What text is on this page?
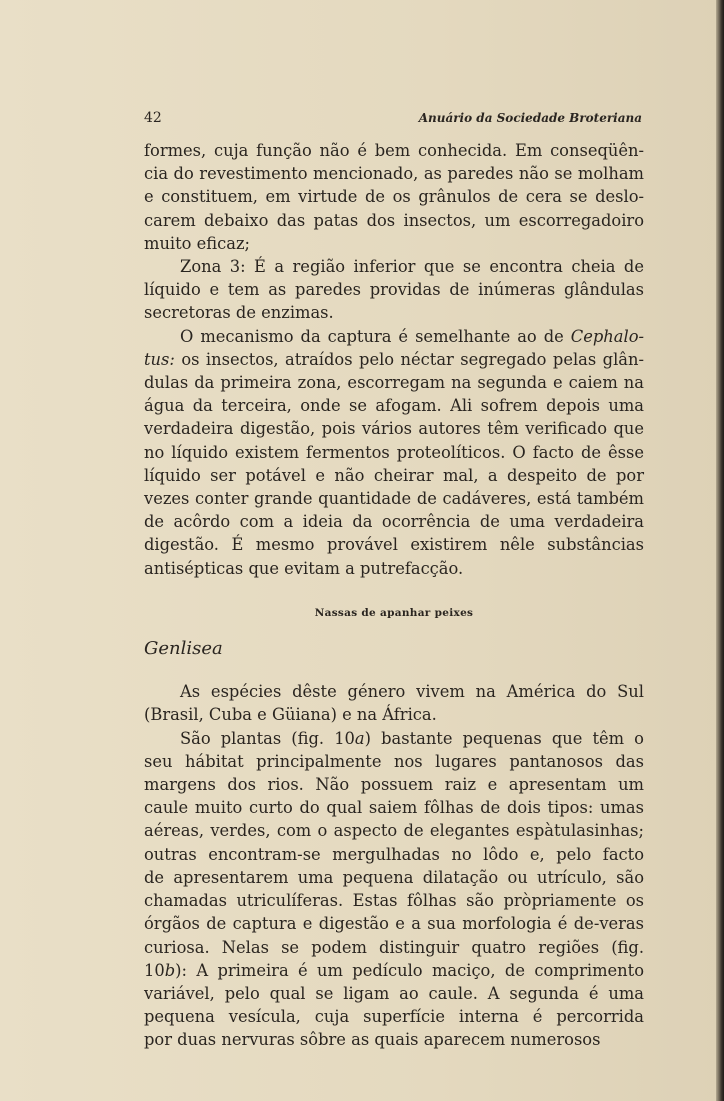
42	Anuário da Sociedade Broteriana

formes, cuja função não é bem conhecida. Em conseqüên-
cia do revestimento mencionado, as paredes não se molham
e constituem, em virtude de os grânulos de cera se deslo-
carem debaixo das patas dos insectos, um escorregadoiro
muito eficaz;

Zona 3: É a região inferior que se encontra cheia de
líquido e tem as paredes providas de inúmeras glândulas
secretoras de enzimas.

O mecanismo da captura é semelhante ao de Cephalo-
tus: os insectos, atraídos pelo néctar segregado pelas glân-
dulas da primeira zona, escorregam na segunda e caiem na
água da terceira, onde se afogam. Ali sofrem depois uma
verdadeira digestão, pois vários autores têm verificado que
no líquido existem fermentos proteolíticos. O facto de êsse
líquido ser potável e não cheirar mal, a despeito de por
vezes conter grande quantidade de cadáveres, está também
de acôrdo com a ideia da ocorrência de uma verdadeira
digestão. É mesmo provável existirem nêle substâncias
antisépticas que evitam a putrefacção.

Nassas de apanhar peixes
Genlisea

As espécies dêste género vivem na América do Sul
(Brasil, Cuba e Güiana) e na África.

São plantas (fig. 10a) bastante pequenas que têm o
seu hábitat principalmente nos lugares pantanosos das
margens dos rios. Não possuem raiz e apresentam um
caule muito curto do qual saiem fôlhas de dois tipos: umas
aéreas, verdes, com o aspecto de elegantes espàtulasinhas;
outras encontram-se mergulhadas no lôdo e, pelo facto
de apresentarem uma pequena dilatação ou utrículo, são
chamadas utriculíferas. Estas fôlhas são pròpriamente os
órgãos de captura e digestão e a sua morfologia é de-veras
curiosa. Nelas se podem distinguir quatro regiões (fig.
10b): A primeira é um pedículo maciço, de comprimento
variável, pelo qual se ligam ao caule. A segunda é uma
pequena vesícula, cuja superfície interna é percorrida
por duas nervuras sôbre as quais aparecem numerosos
